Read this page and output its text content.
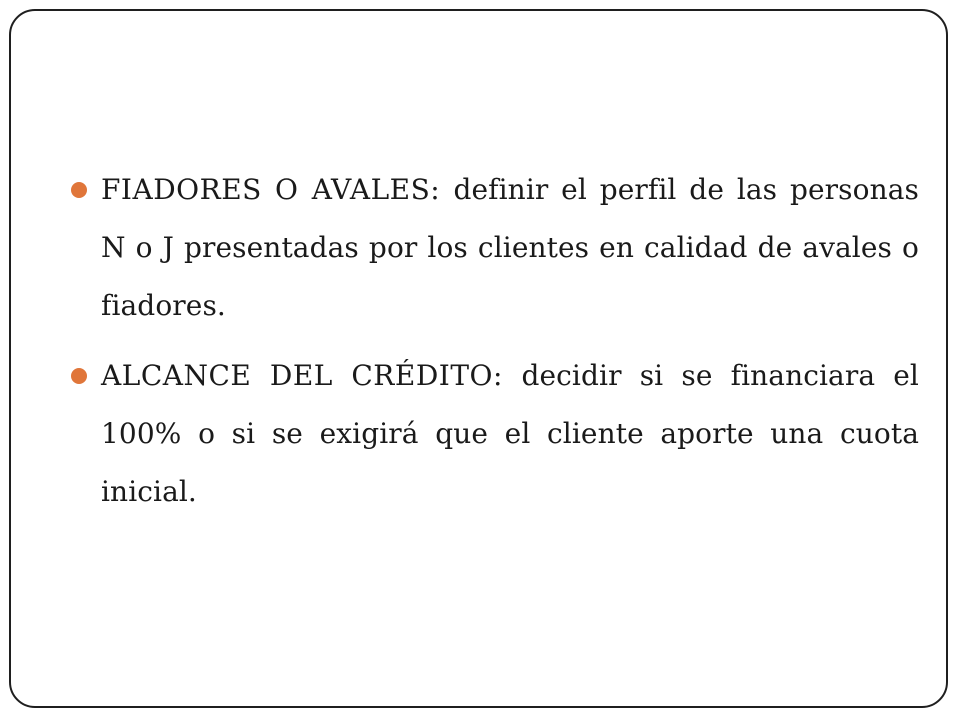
FIADORES O AVALES: definir el perfil de las personas N o J presentadas por los clientes en calidad de avales o fiadores.
ALCANCE DEL CRÉDITO: decidir si se financiara el 100% o si se exigirá que el cliente aporte una cuota inicial.
